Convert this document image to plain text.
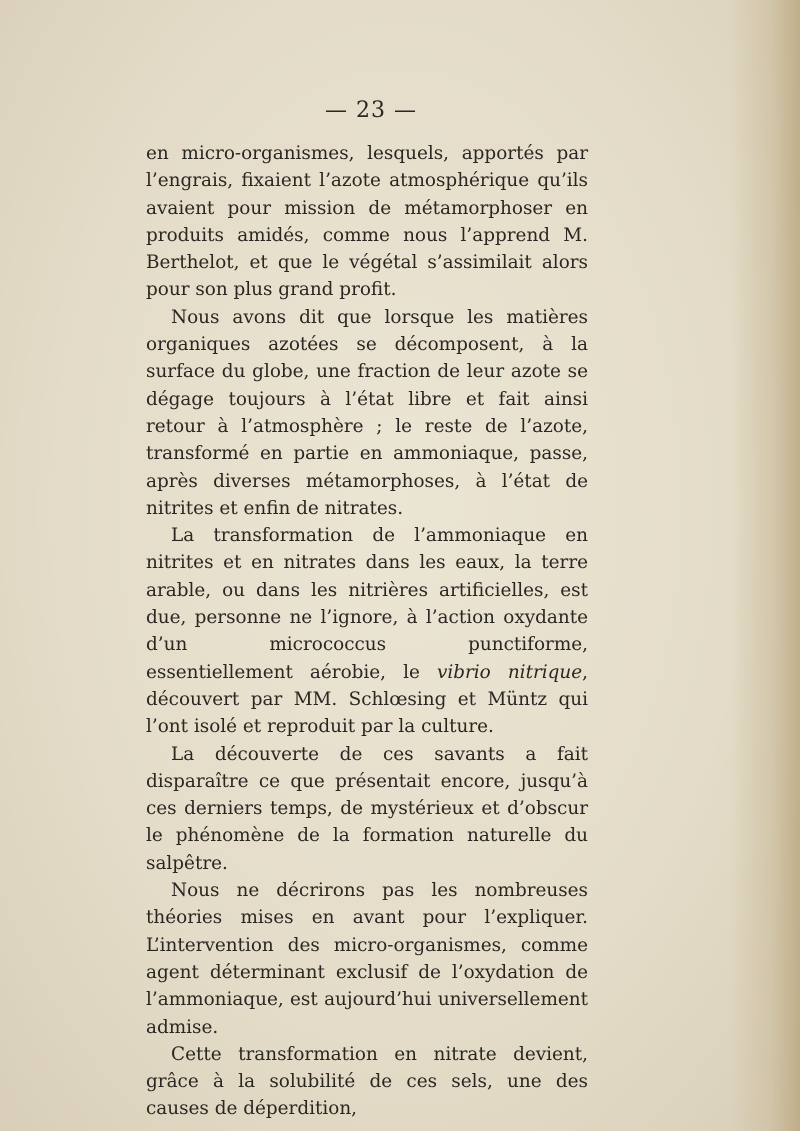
— 23 —

en micro-organismes, lesquels, apportés par l’engrais, fixaient l’azote atmosphérique qu’ils avaient pour mission de métamorphoser en produits amidés, comme nous l’apprend M. Berthelot, et que le végétal s’assimilait alors pour son plus grand profit.

Nous avons dit que lorsque les matières organiques azotées se décomposent, à la surface du globe, une fraction de leur azote se dégage toujours à l’état libre et fait ainsi retour à l’atmosphère ; le reste de l’azote, transformé en partie en ammoniaque, passe, après diverses métamorphoses, à l’état de nitrites et enfin de nitrates.

La transformation de l’ammoniaque en nitrites et en nitrates dans les eaux, la terre arable, ou dans les nitrières artificielles, est due, personne ne l’ignore, à l’action oxydante d’un micrococcus punctiforme, essentiellement aérobie, le vibrio nitrique, découvert par MM. Schlœsing et Müntz qui l’ont isolé et reproduit par la culture.

La découverte de ces savants a fait disparaître ce que présentait encore, jusqu’à ces derniers temps, de mystérieux et d’obscur le phénomène de la formation naturelle du salpêtre.

Nous ne décrirons pas les nombreuses théories mises en avant pour l’expliquer. L’intervention des micro-organismes, comme agent déterminant exclusif de l’oxydation de l’ammoniaque, est aujourd’hui universellement admise.

Cette transformation en nitrate devient, grâce à la solubilité de ces sels, une des causes de déperdition,
